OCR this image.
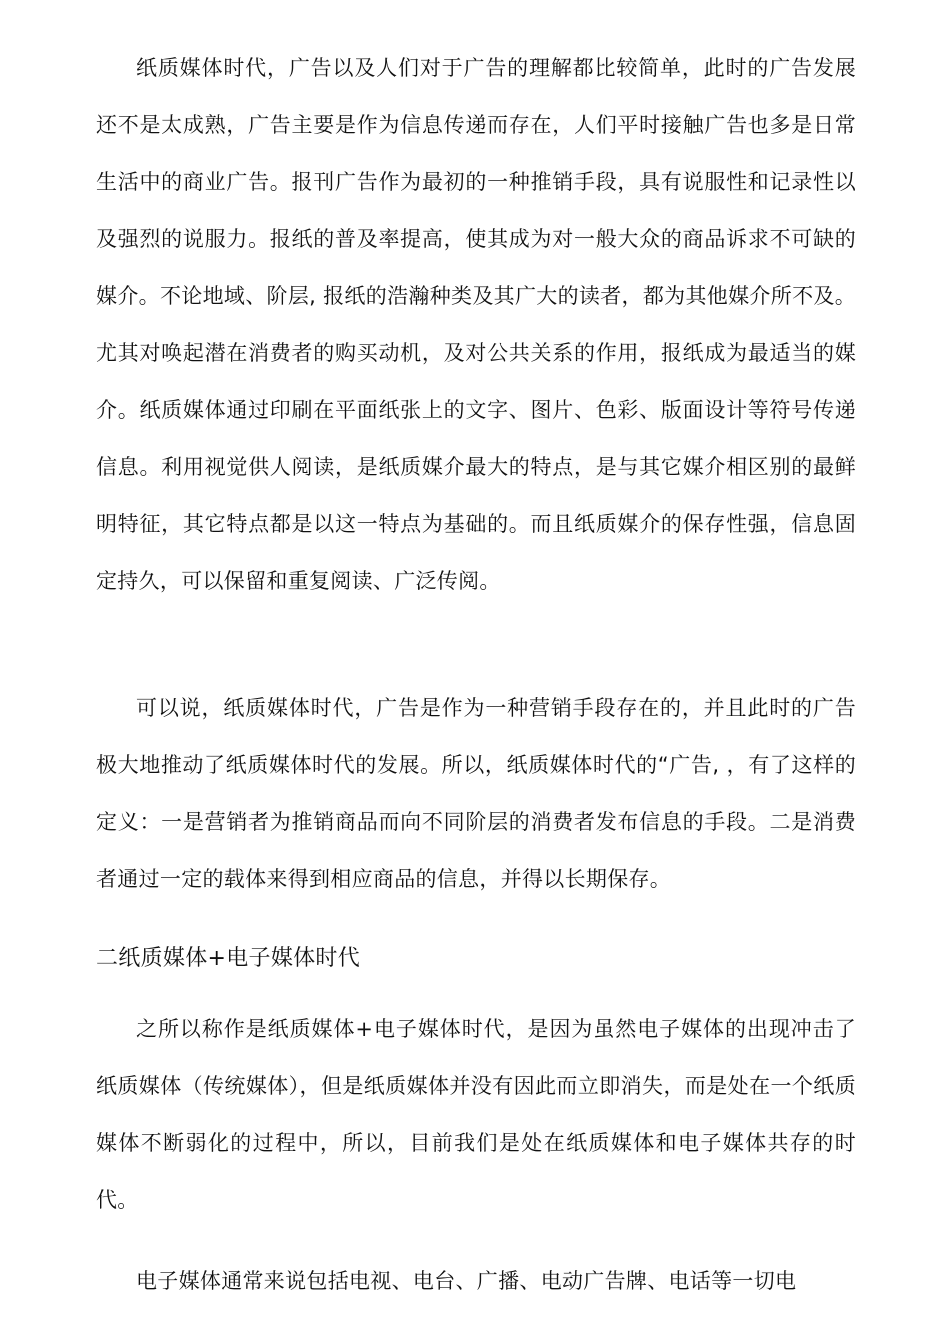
纸质媒体时代，广告以及人们对于广告的理解都比较简单，此时的广告发展还不是太成熟，广告主要是作为信息传递而存在，人们平时接触广告也多是日常生活中的商业广告。报刊广告作为最初的一种推销手段，具有说服性和记录性以及强烈的说服力。报纸的普及率提高，使其成为对一般大众的商品诉求不可缺的媒介。不论地域、阶层, 报纸的浩瀚种类及其广大的读者，都为其他媒介所不及。尤其对唤起潜在消费者的购买动机，及对公共关系的作用，报纸成为最适当的媒介。纸质媒体通过印刷在平面纸张上的文字、图片、色彩、版面设计等符号传递信息。利用视觉供人阅读，是纸质媒介最大的特点，是与其它媒介相区别的最鲜明特征，其它特点都是以这一特点为基础的。而且纸质媒介的保存性强，信息固定持久，可以保留和重复阅读、广泛传阅。

可以说，纸质媒体时代，广告是作为一种营销手段存在的，并且此时的广告极大地推动了纸质媒体时代的发展。所以，纸质媒体时代的“广告, ，有了这样的定义：一是营销者为推销商品而向不同阶层的消费者发布信息的手段。二是消费者通过一定的载体来得到相应商品的信息，并得以长期保存。

二纸质媒体+电子媒体时代

之所以称作是纸质媒体+电子媒体时代，是因为虽然电子媒体的出现冲击了纸质媒体（传统媒体），但是纸质媒体并没有因此而立即消失，而是处在一个纸质媒体不断弱化的过程中，所以，目前我们是处在纸质媒体和电子媒体共存的时代。

电子媒体通常来说包括电视、电台、广播、电动广告牌、电话等一切电
